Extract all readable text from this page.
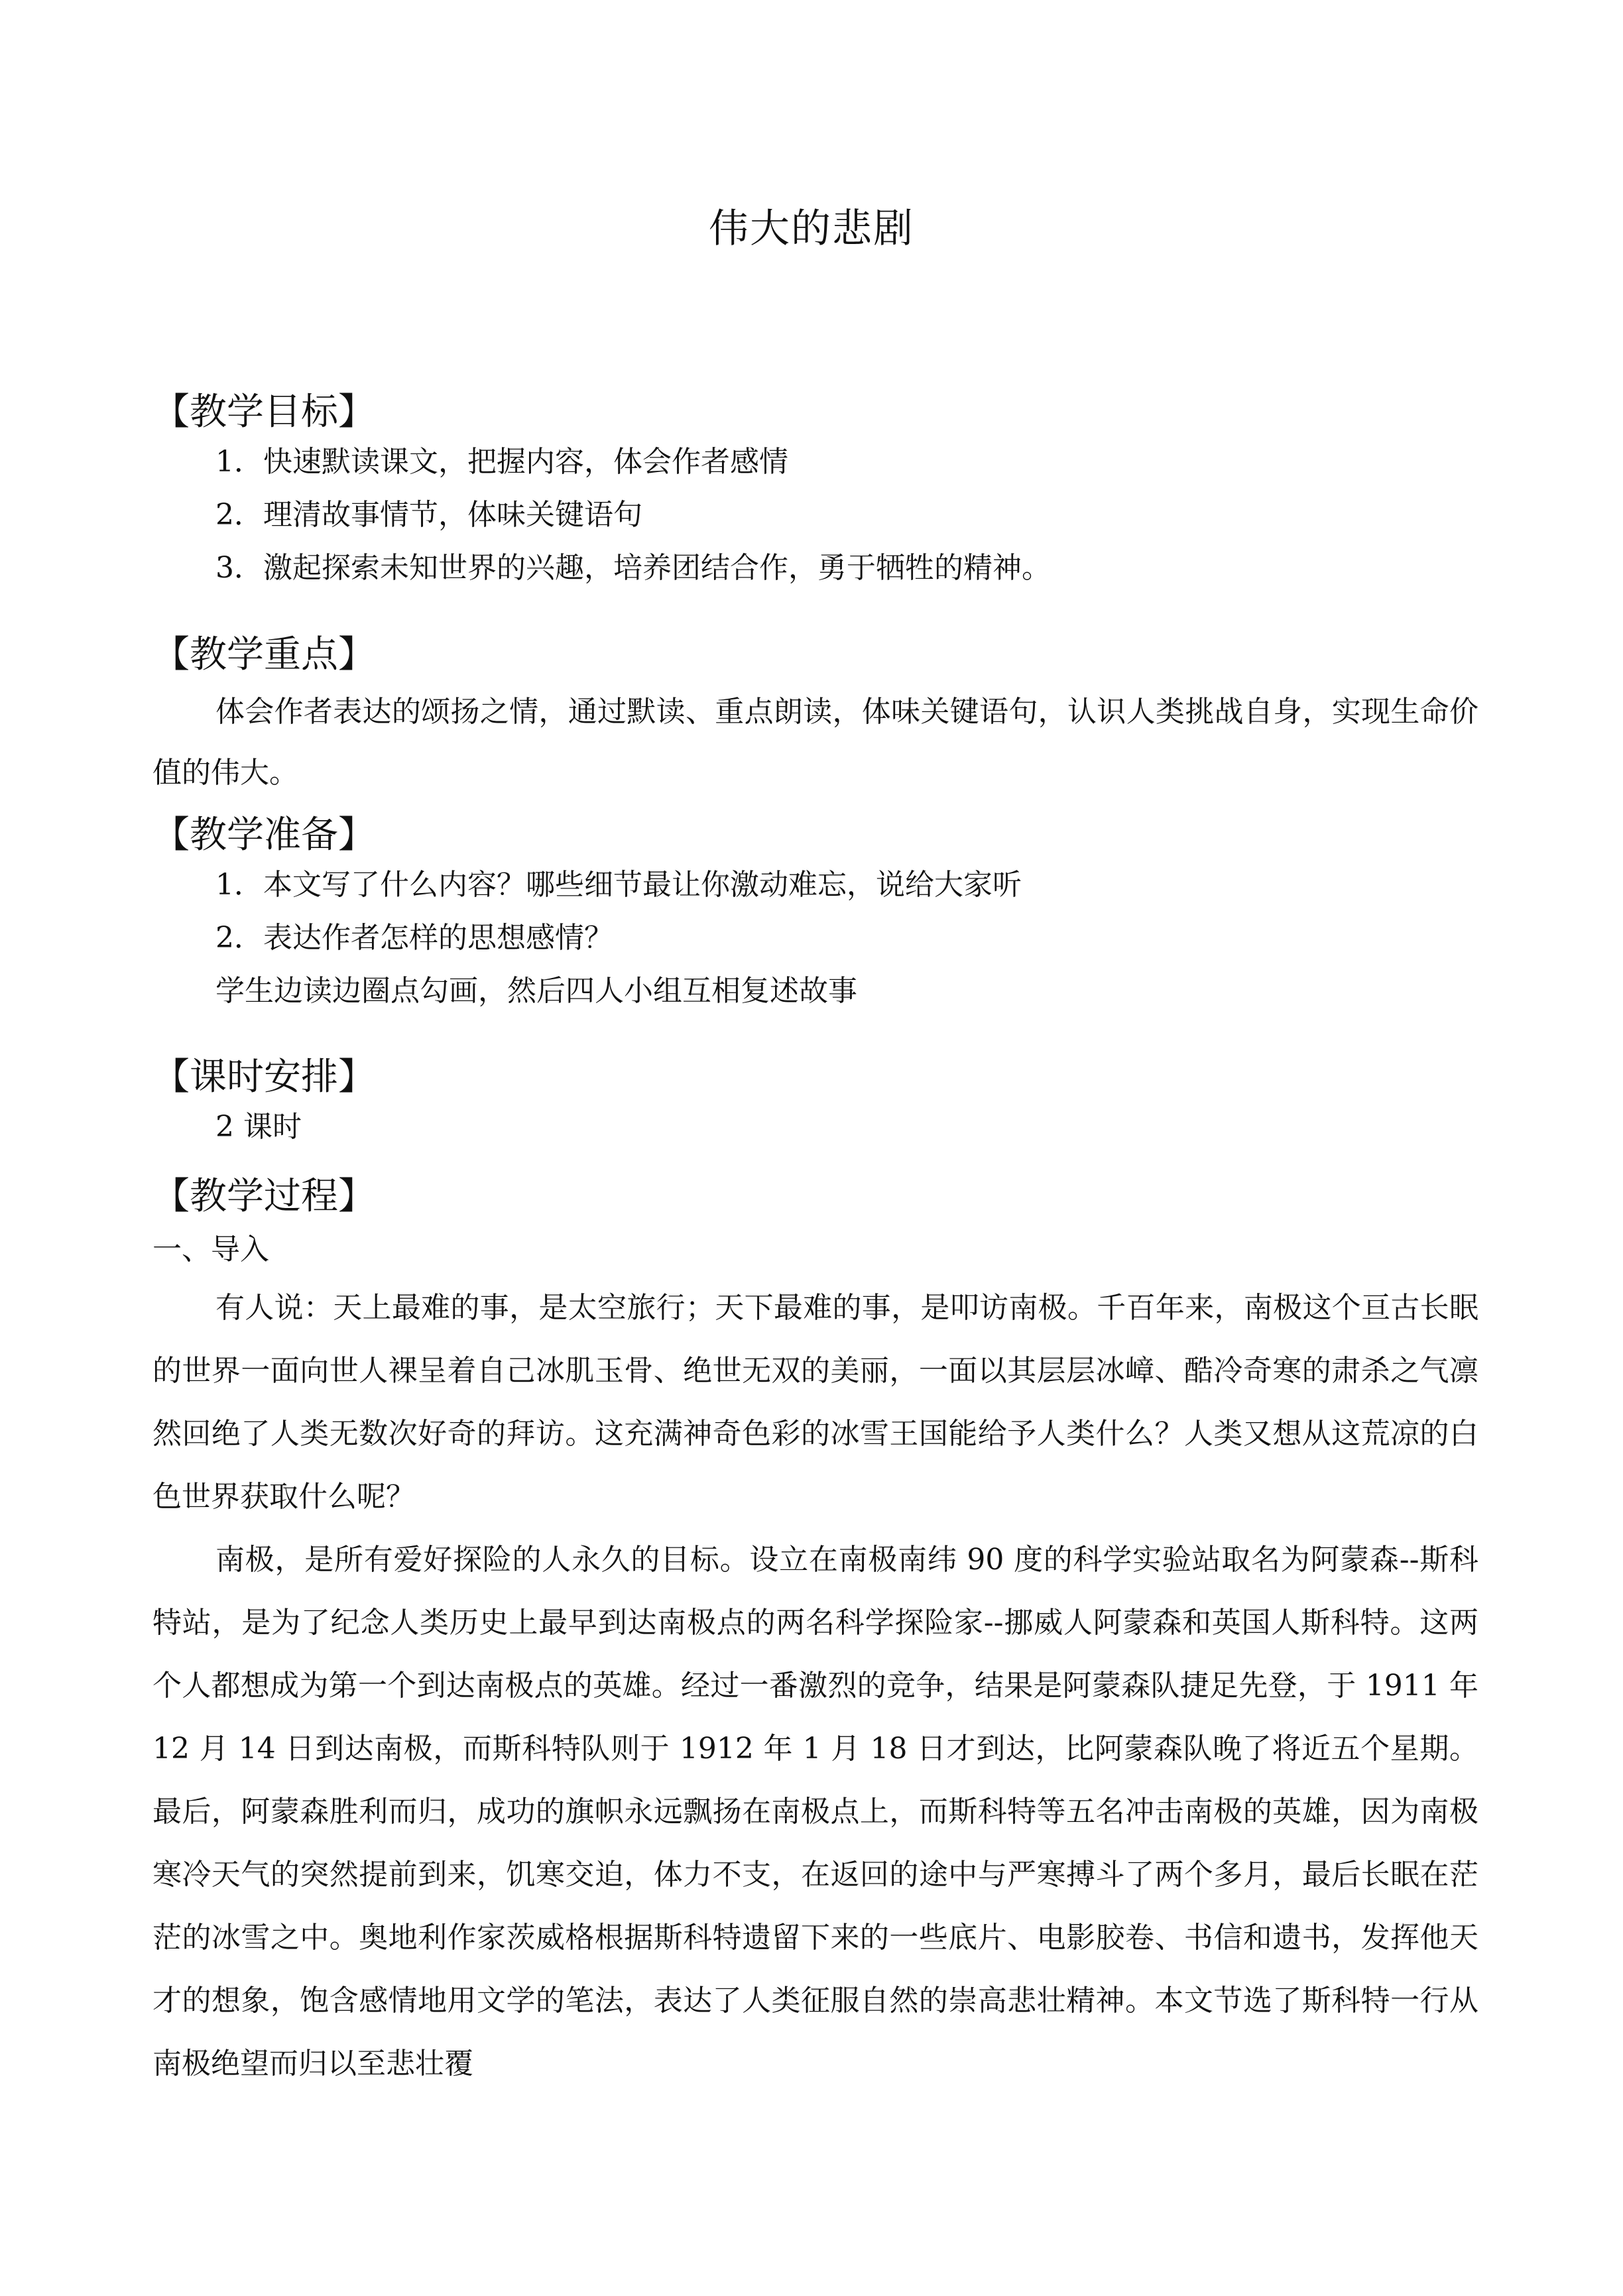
伟大的悲剧
【教学目标】
1．快速默读课文，把握内容，体会作者感情
2．理清故事情节，体味关键语句
3．激起探索未知世界的兴趣，培养团结合作，勇于牺牲的精神。
【教学重点】
体会作者表达的颂扬之情，通过默读、重点朗读，体味关键语句，认识人类挑战自身，实现生命价值的伟大。
【教学准备】
1．本文写了什么内容？哪些细节最让你激动难忘，说给大家听
2．表达作者怎样的思想感情？
学生边读边圈点勾画，然后四人小组互相复述故事
【课时安排】
2 课时
【教学过程】
一、导入
有人说：天上最难的事，是太空旅行；天下最难的事，是叩访南极。千百年来，南极这个亘古长眠的世界一面向世人裸呈着自己冰肌玉骨、绝世无双的美丽，一面以其层层冰嶂、酷冷奇寒的肃杀之气凛然回绝了人类无数次好奇的拜访。这充满神奇色彩的冰雪王国能给予人类什么？人类又想从这荒凉的白色世界获取什么呢？
南极，是所有爱好探险的人永久的目标。设立在南极南纬 90 度的科学实验站取名为阿蒙森--斯科特站，是为了纪念人类历史上最早到达南极点的两名科学探险家--挪威人阿蒙森和英国人斯科特。这两个人都想成为第一个到达南极点的英雄。经过一番激烈的竞争，结果是阿蒙森队捷足先登，于 1911 年 12 月 14 日到达南极，而斯科特队则于 1912 年 1 月 18 日才到达，比阿蒙森队晚了将近五个星期。最后，阿蒙森胜利而归，成功的旗帜永远飘扬在南极点上，而斯科特等五名冲击南极的英雄，因为南极寒冷天气的突然提前到来，饥寒交迫，体力不支，在返回的途中与严寒搏斗了两个多月，最后长眠在茫茫的冰雪之中。奥地利作家茨威格根据斯科特遗留下来的一些底片、电影胶卷、书信和遗书，发挥他天才的想象，饱含感情地用文学的笔法，表达了人类征服自然的崇高悲壮精神。本文节选了斯科特一行从南极绝望而归以至悲壮覆
